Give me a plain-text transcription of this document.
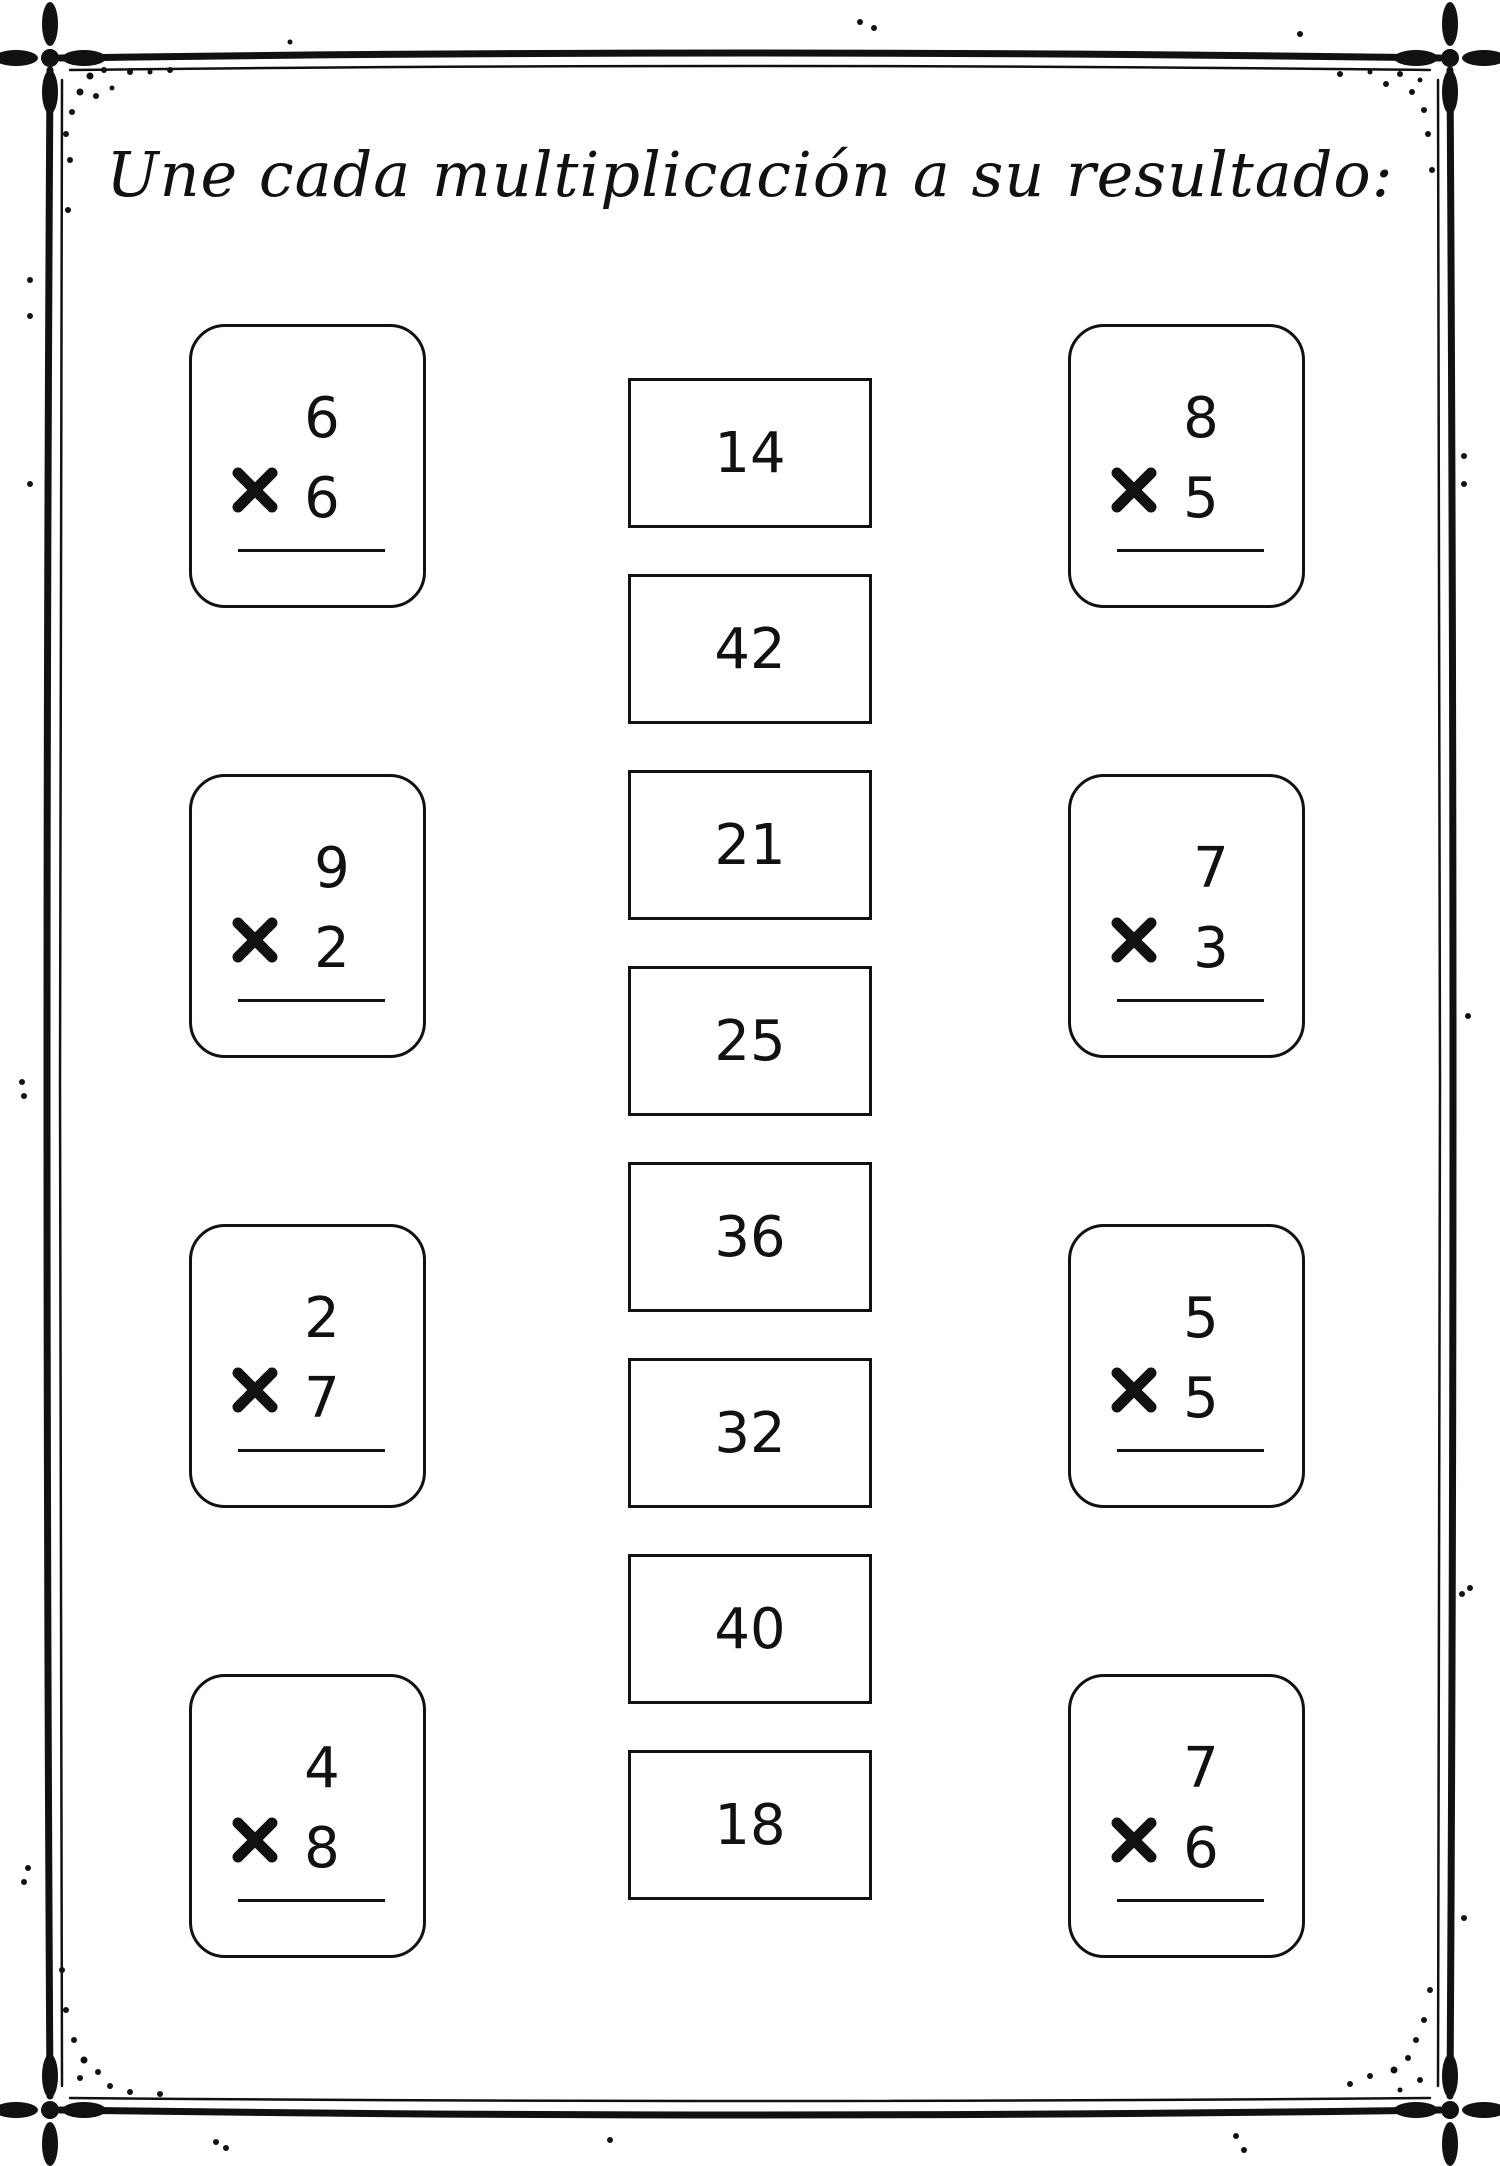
Une cada multiplicación a su resultado:
6
6
9
2
2
7
4
8
8
5
7
3
5
5
7
6
14
42
21
25
36
32
40
18
